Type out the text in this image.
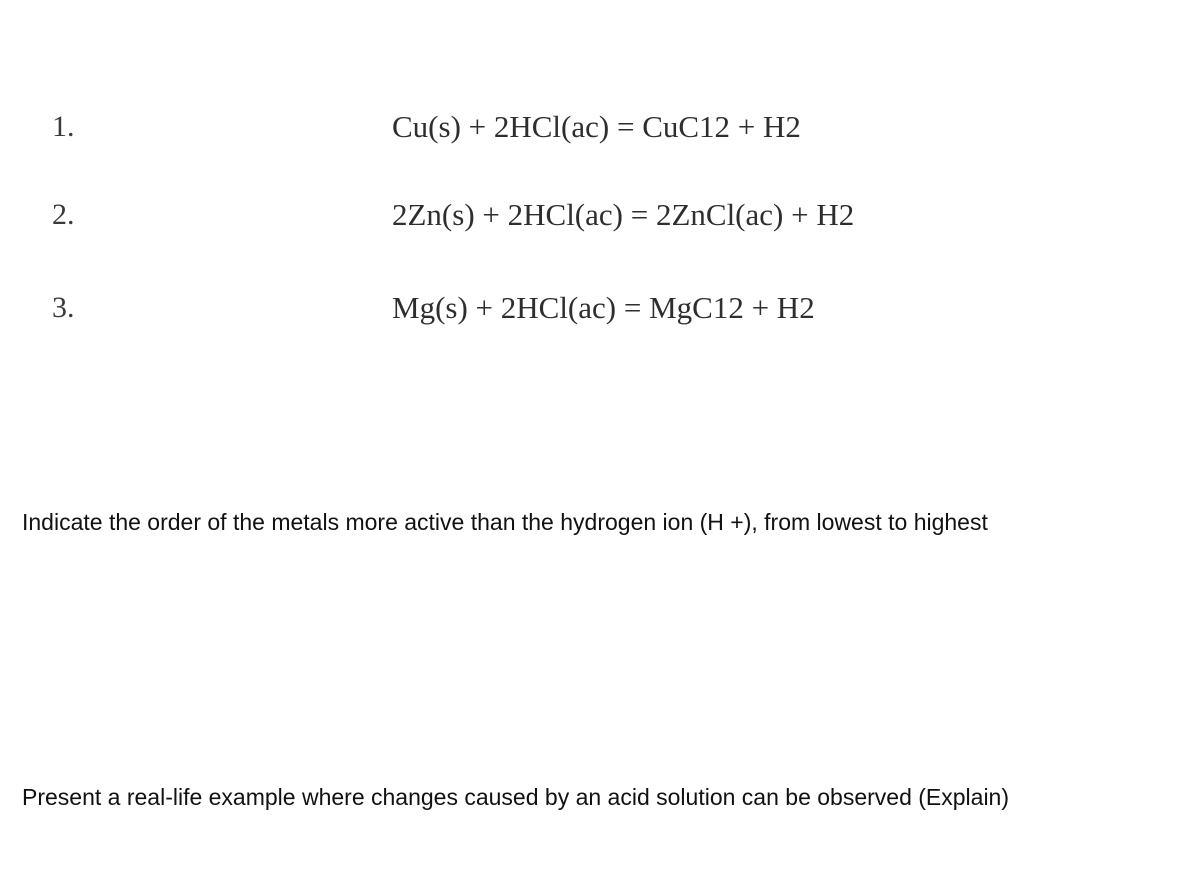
1.	Cu(s) + 2HCl(ac) = CuC12 + H2
2.	2Zn(s) + 2HCl(ac) = 2ZnCl(ac) + H2
3.	Mg(s) + 2HCl(ac) = MgC12 + H2
Indicate the order of the metals more active than the hydrogen ion (H +), from lowest to highest
Present a real-life example where changes caused by an acid solution can be observed (Explain)
